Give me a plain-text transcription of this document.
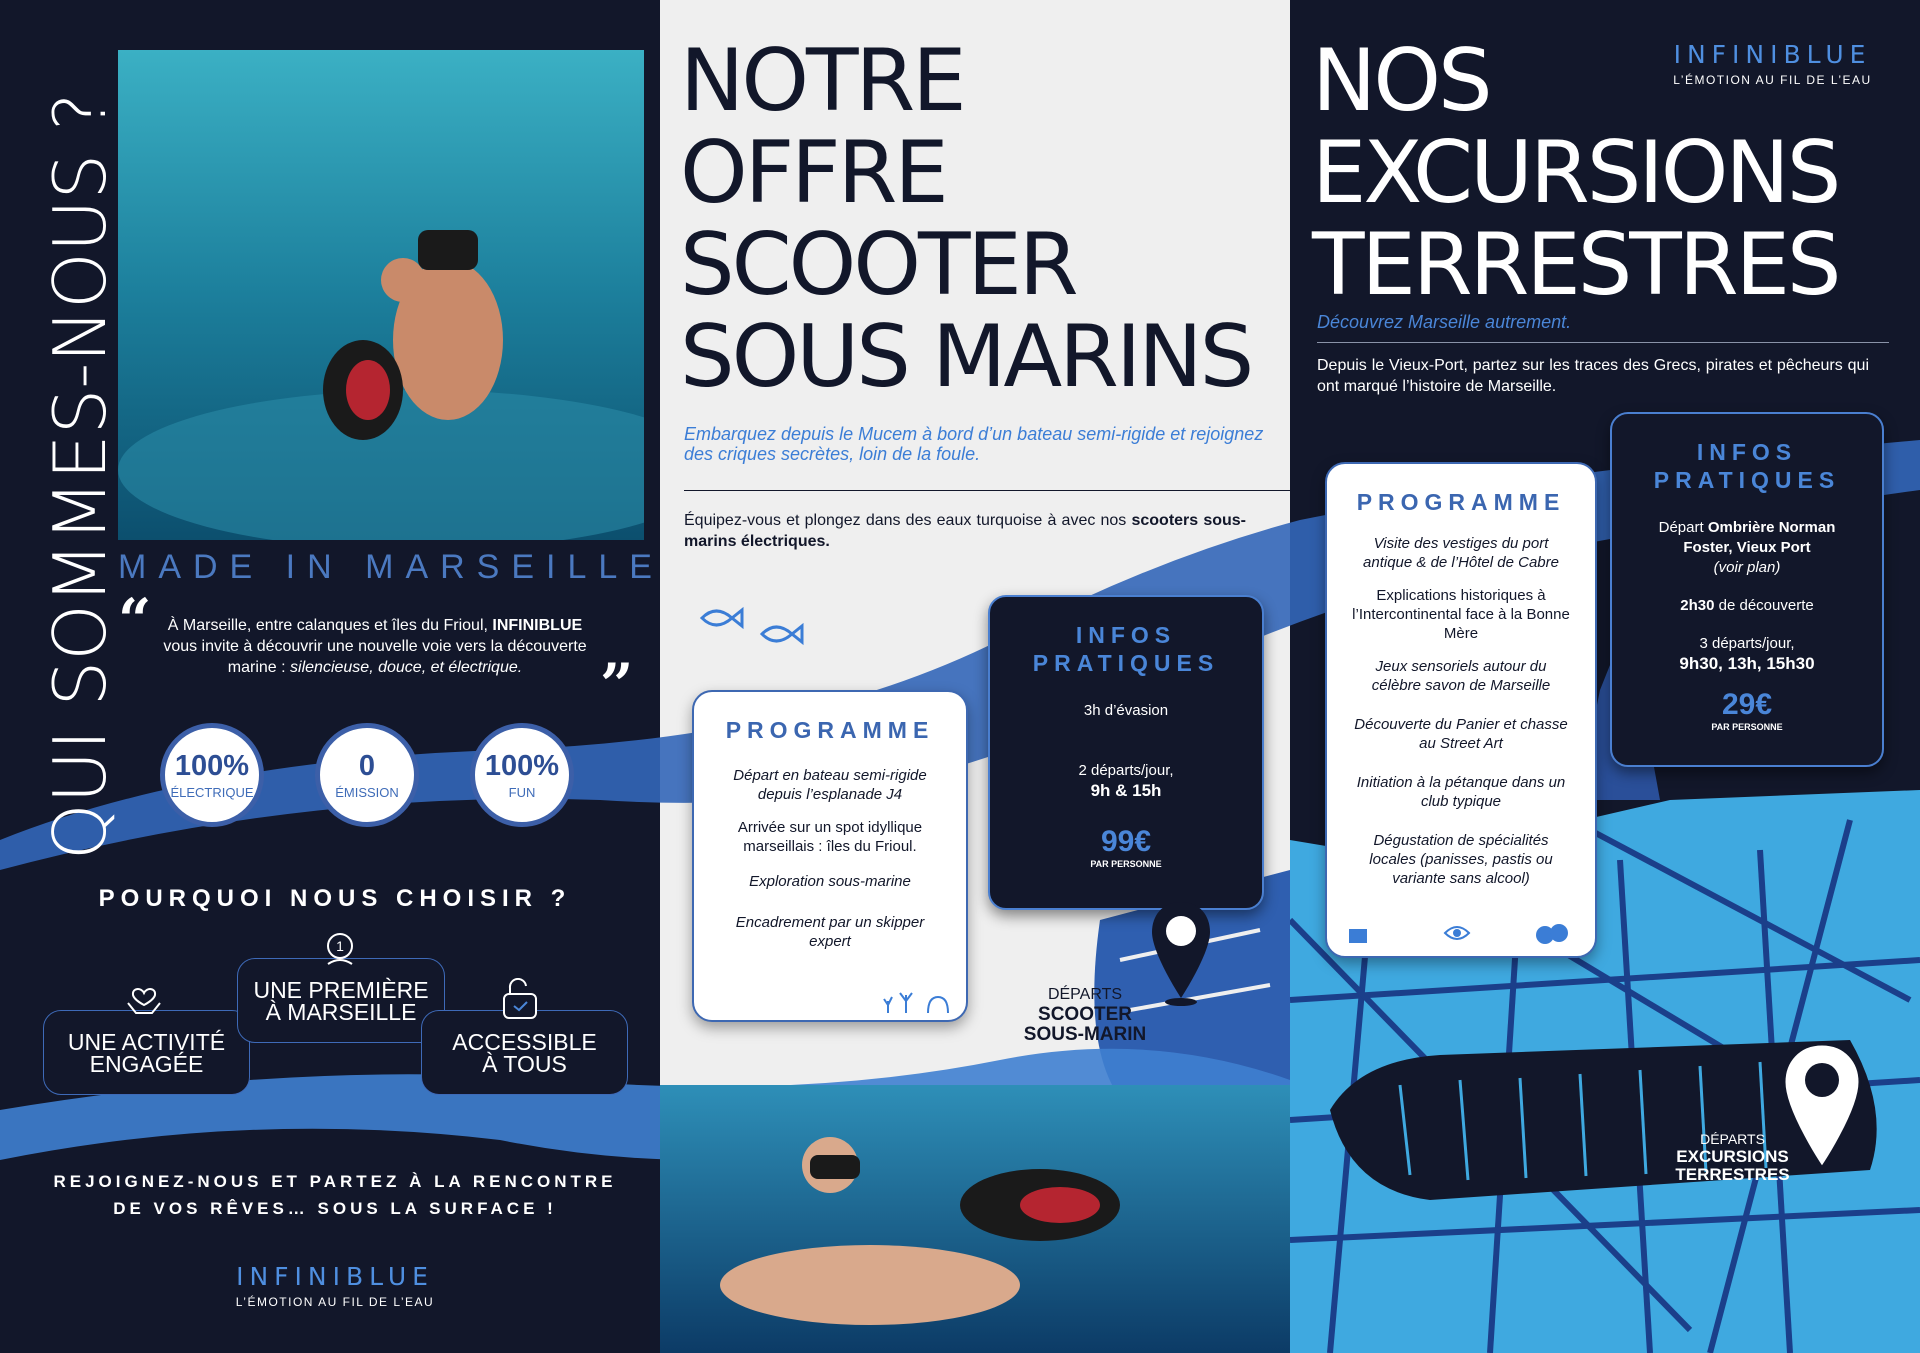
QUI SOMMES-NOUS ?
MADE IN MARSEILLE
“	À Marseille, entre calanques et îles du Frioul, INFINIBLUE vous invite à découvrir une nouvelle voie vers la découverte marine : silencieuse, douce, et électrique.	”
100%
ÉLECTRIQUE
0
ÉMISSION
100%
FUN
POURQUOI NOUS CHOISIR ?
UNE ACTIVITÉ
ENGAGÉE
UNE PREMIÈRE
À MARSEILLE
1
ACCESSIBLE
À TOUS
REJOIGNEZ-NOUS ET PARTEZ À LA RENCONTRE
DE VOS RÊVES… SOUS LA SURFACE !
INFINIBLUE
L’ÉMOTION AU FIL DE L’EAU
NOTRE
OFFRE
SCOOTER
SOUS MARINS
Embarquez depuis le Mucem à bord d’un bateau semi-rigide et rejoignez des criques secrètes, loin de la foule.
Équipez-vous et plongez dans des eaux turquoise à avec nos scooters sous-marins électriques.
PROGRAMME
Départ en bateau semi-rigide depuis l’esplanade J4
Arrivée sur un spot idyllique marseillais : îles du Frioul.
Exploration sous-marine
Encadrement par un skipper expert
INFOS
PRATIQUES
3h d’évasion
2 départs/jour,
9h & 15h
99€
PAR PERSONNE
DÉPARTS
SCOOTER
SOUS-MARIN
INFINIBLUE
L’ÉMOTION AU FIL DE L’EAU
NOS
EXCURSIONS
TERRESTRES
Découvrez Marseille autrement.
Depuis le Vieux-Port, partez sur les traces des Grecs, pirates et pêcheurs qui ont marqué l’histoire de Marseille.
PROGRAMME
Visite des vestiges du port antique & de l’Hôtel de Cabre
Explications historiques à l’Intercontinental face à la Bonne Mère
Jeux sensoriels autour du célèbre savon de Marseille
Découverte du Panier et chasse au Street Art
Initiation à la pétanque dans un club typique
Dégustation de spécialités locales (panisses, pastis ou variante sans alcool)
INFOS
PRATIQUES
Départ Ombrière Norman Foster, Vieux Port
(voir plan)
2h30 de découverte
3 départs/jour,
9h30, 13h, 15h30
29€
PAR PERSONNE
DÉPARTS
EXCURSIONS
TERRESTRES
